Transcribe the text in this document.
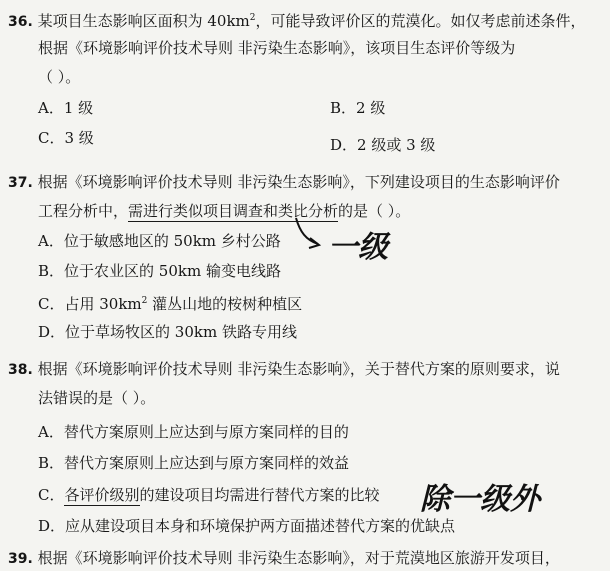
36. 某项目生态影响区面积为 $40km^2$，可能导致评价区的荒漠化。如仅考虑前述条件，
根据《环境影响评价技术导则 非污染生态影响》，该项目生态评价等级为
（ ）。
A．1 级	B．2 级
C．3 级	D．2 级或 3 级
37. 根据《环境影响评价技术导则 非污染生态影响》，下列建设项目的生态影响评价
工程分析中，需进行类似项目调查和类比分析的是（ ）。
A．位于敏感地区的 50km 乡村公路
B．位于农业区的 50km 输变电线路
C．占用 $30km^2$ 灌丛山地的桉树种植区
D．位于草场牧区的 30km 铁路专用线
一级
38. 根据《环境影响评价技术导则 非污染生态影响》，关于替代方案的原则要求，说
法错误的是（ ）。
A．替代方案原则上应达到与原方案同样的目的
B．替代方案原则上应达到与原方案同样的效益
C．各评价级别的建设项目均需进行替代方案的比较
D．应从建设项目本身和环境保护两方面描述替代方案的优缺点
除一级外
39. 根据《环境影响评价技术导则 非污染生态影响》，对于荒漠地区旅游开发项目，
